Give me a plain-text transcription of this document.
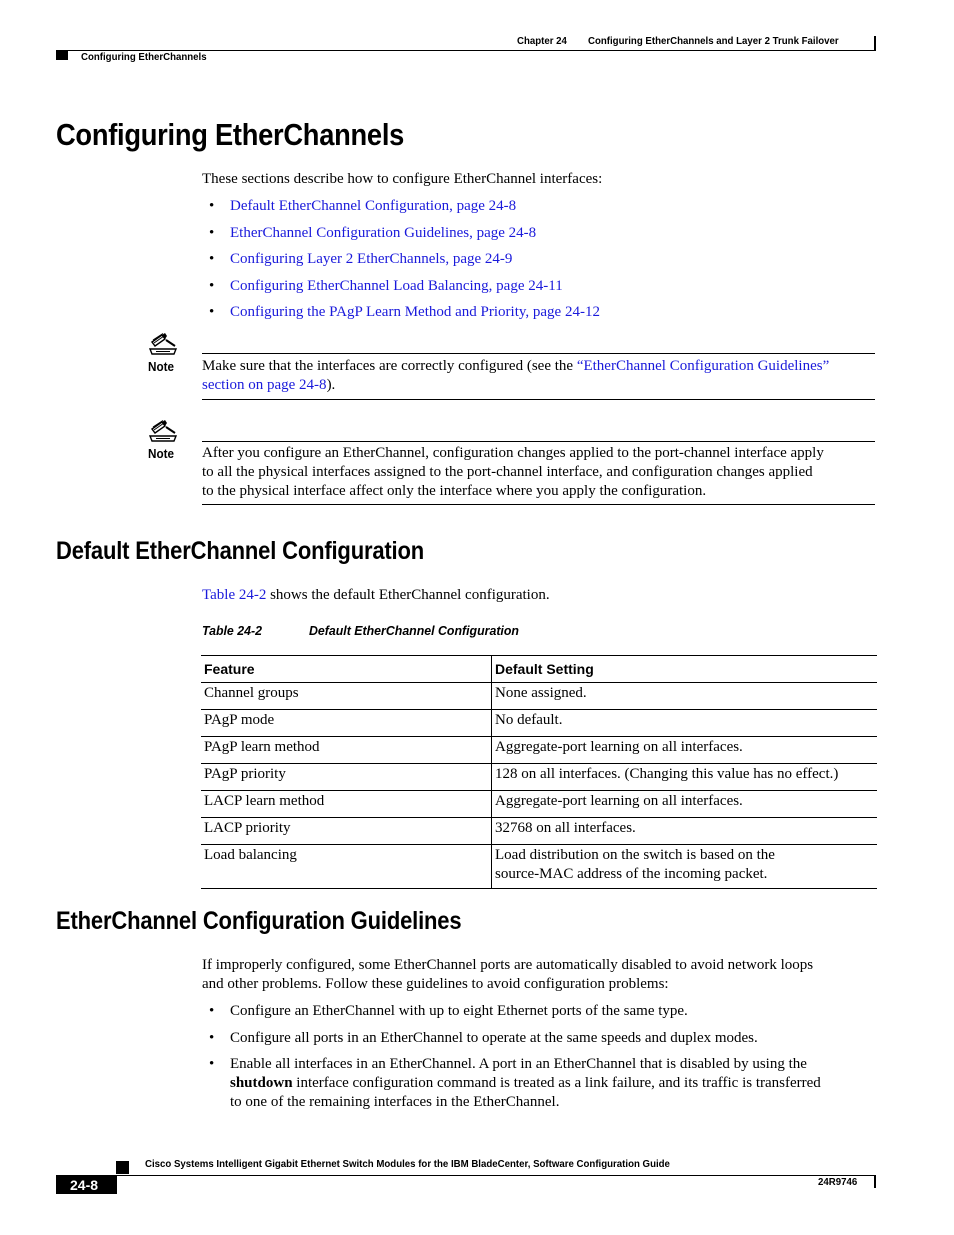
Chapter 24 Configuring EtherChannels and Layer 2 Trunk Failover
Configuring EtherChannels
Configuring EtherChannels
These sections describe how to configure EtherChannel interfaces:
• Default EtherChannel Configuration, page 24-8
• EtherChannel Configuration Guidelines, page 24-8
• Configuring Layer 2 EtherChannels, page 24-9
• Configuring EtherChannel Load Balancing, page 24-11
• Configuring the PAgP Learn Method and Priority, page 24-12
Note Make sure that the interfaces are correctly configured (see the “EtherChannel Configuration Guidelines”
section on page 24-8).
Note After you configure an EtherChannel, configuration changes applied to the port-channel interface apply
to all the physical interfaces assigned to the port-channel interface, and configuration changes applied
to the physical interface affect only the interface where you apply the configuration.
Default EtherChannel Configuration
Table 24-2 shows the default EtherChannel configuration.
Table 24-2	Default EtherChannel Configuration
Feature	Default Setting
Channel groups	None assigned.
PAgP mode	No default.
PAgP learn method	Aggregate-port learning on all interfaces.
PAgP priority	128 on all interfaces. (Changing this value has no effect.)
LACP learn method	Aggregate-port learning on all interfaces.
LACP priority	32768 on all interfaces.
Load balancing	Load distribution on the switch is based on the
source-MAC address of the incoming packet.
EtherChannel Configuration Guidelines
If improperly configured, some EtherChannel ports are automatically disabled to avoid network loops
and other problems. Follow these guidelines to avoid configuration problems:
• Configure an EtherChannel with up to eight Ethernet ports of the same type.
• Configure all ports in an EtherChannel to operate at the same speeds and duplex modes.
• Enable all interfaces in an EtherChannel. A port in an EtherChannel that is disabled by using the
shutdown interface configuration command is treated as a link failure, and its traffic is transferred
to one of the remaining interfaces in the EtherChannel.
Cisco Systems Intelligent Gigabit Ethernet Switch Modules for the IBM BladeCenter, Software Configuration Guide
24-8	24R9746
